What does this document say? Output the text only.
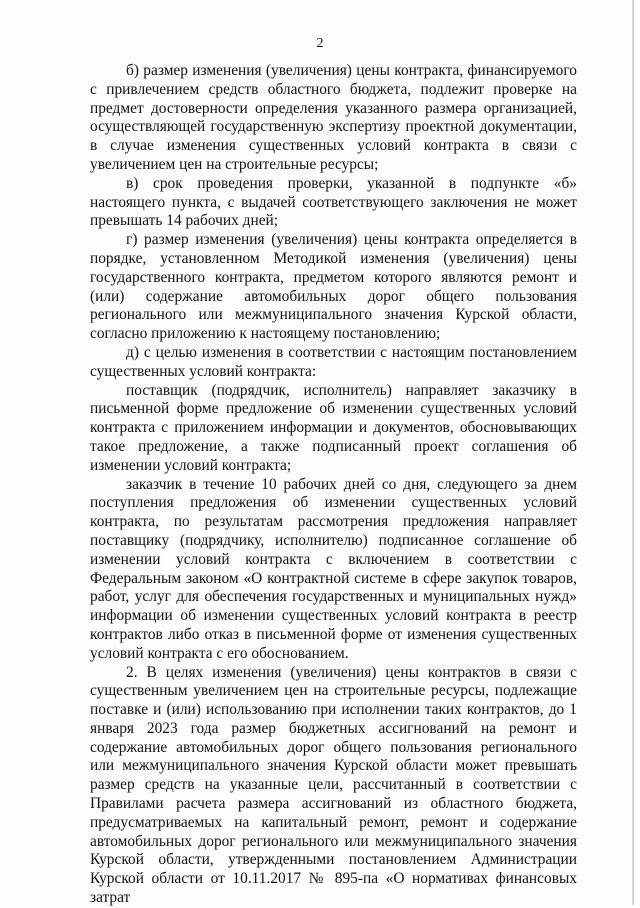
2

б) размер изменения (увеличения) цены контракта, финансируемого с привлечением средств областного бюджета, подлежит проверке на предмет достоверности определения указанного размера организацией, осуществляющей государственную экспертизу проектной документации, в случае изменения существенных условий контракта в связи с увеличением цен на строительные ресурсы;

в) срок проведения проверки, указанной в подпункте «б» настоящего пункта, с выдачей соответствующего заключения не может превышать 14 рабочих дней;

г) размер изменения (увеличения) цены контракта определяется в порядке, установленном Методикой изменения (увеличения) цены государственного контракта, предметом которого являются ремонт и (или) содержание автомобильных дорог общего пользования регионального или межмуниципального значения Курской области, согласно приложению к настоящему постановлению;

д) с целью изменения в соответствии с настоящим постановлением существенных условий контракта:

поставщик (подрядчик, исполнитель) направляет заказчику в письменной форме предложение об изменении существенных условий контракта с приложением информации и документов, обосновывающих такое предложение, а также подписанный проект соглашения об изменении условий контракта;

заказчик в течение 10 рабочих дней со дня, следующего за днем поступления предложения об изменении существенных условий контракта, по результатам рассмотрения предложения направляет поставщику (подрядчику, исполнителю) подписанное соглашение об изменении условий контракта с включением в соответствии с Федеральным законом «О контрактной системе в сфере закупок товаров, работ, услуг для обеспечения государственных и муниципальных нужд» информации об изменении существенных условий контракта в реестр контрактов либо отказ в письменной форме от изменения существенных условий контракта с его обоснованием.

2. В целях изменения (увеличения) цены контрактов в связи с существенным увеличением цен на строительные ресурсы, подлежащие поставке и (или) использованию при исполнении таких контрактов, до 1 января 2023 года размер бюджетных ассигнований на ремонт и содержание автомобильных дорог общего пользования регионального или межмуниципального значения Курской области может превышать размер средств на указанные цели, рассчитанный в соответствии с Правилами расчета размера ассигнований из областного бюджета, предусматриваемых на капитальный ремонт, ремонт и содержание автомобильных дорог регионального или межмуниципального значения Курской области, утвержденными постановлением Администрации Курской области от 10.11.2017 № 895-па «О нормативах финансовых затрат
